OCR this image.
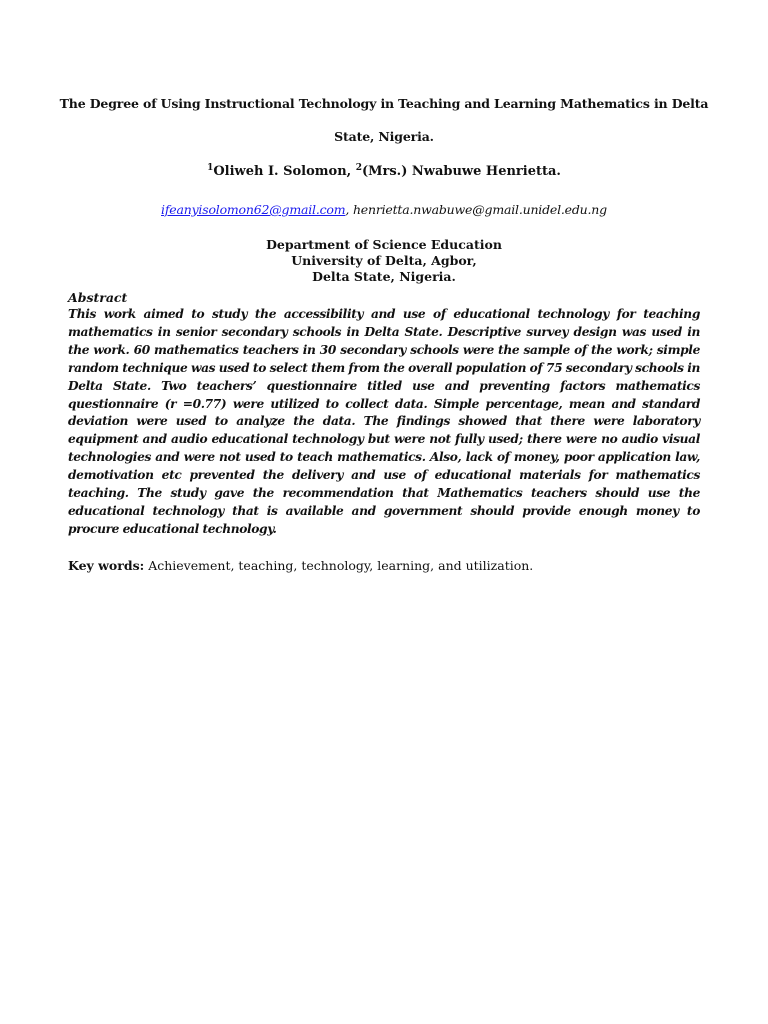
The Degree of Using Instructional Technology in Teaching and Learning Mathematics in Delta
State, Nigeria.
$^1$Oliweh I. Solomon, $^2$(Mrs.) Nwabuwe Henrietta.
ifeanyisolomon62@gmail.com, henrietta.nwabuwe@gmail.unidel.edu.ng
Department of Science Education
University of Delta, Agbor,
Delta State, Nigeria.
Abstract
This work aimed to study the accessibility and use of educational technology for teaching mathematics in senior secondary schools in Delta State. Descriptive survey design was used in the work. 60 mathematics teachers in 30 secondary schools were the sample of the work; simple random technique was used to select them from the overall population of 75 secondary schools in Delta State. Two teachers’ questionnaire titled use and preventing factors mathematics questionnaire (r =0.77) were utilized to collect data. Simple percentage, mean and standard deviation were used to analyze the data. The findings showed that there were laboratory equipment and audio educational technology but were not fully used; there were no audio visual technologies and were not used to teach mathematics. Also, lack of money, poor application law, demotivation etc prevented the delivery and use of educational materials for mathematics teaching. The study gave the recommendation that Mathematics teachers should use the educational technology that is available and government should provide enough money to procure educational technology.
Key words: Achievement, teaching, technology, learning, and utilization.
